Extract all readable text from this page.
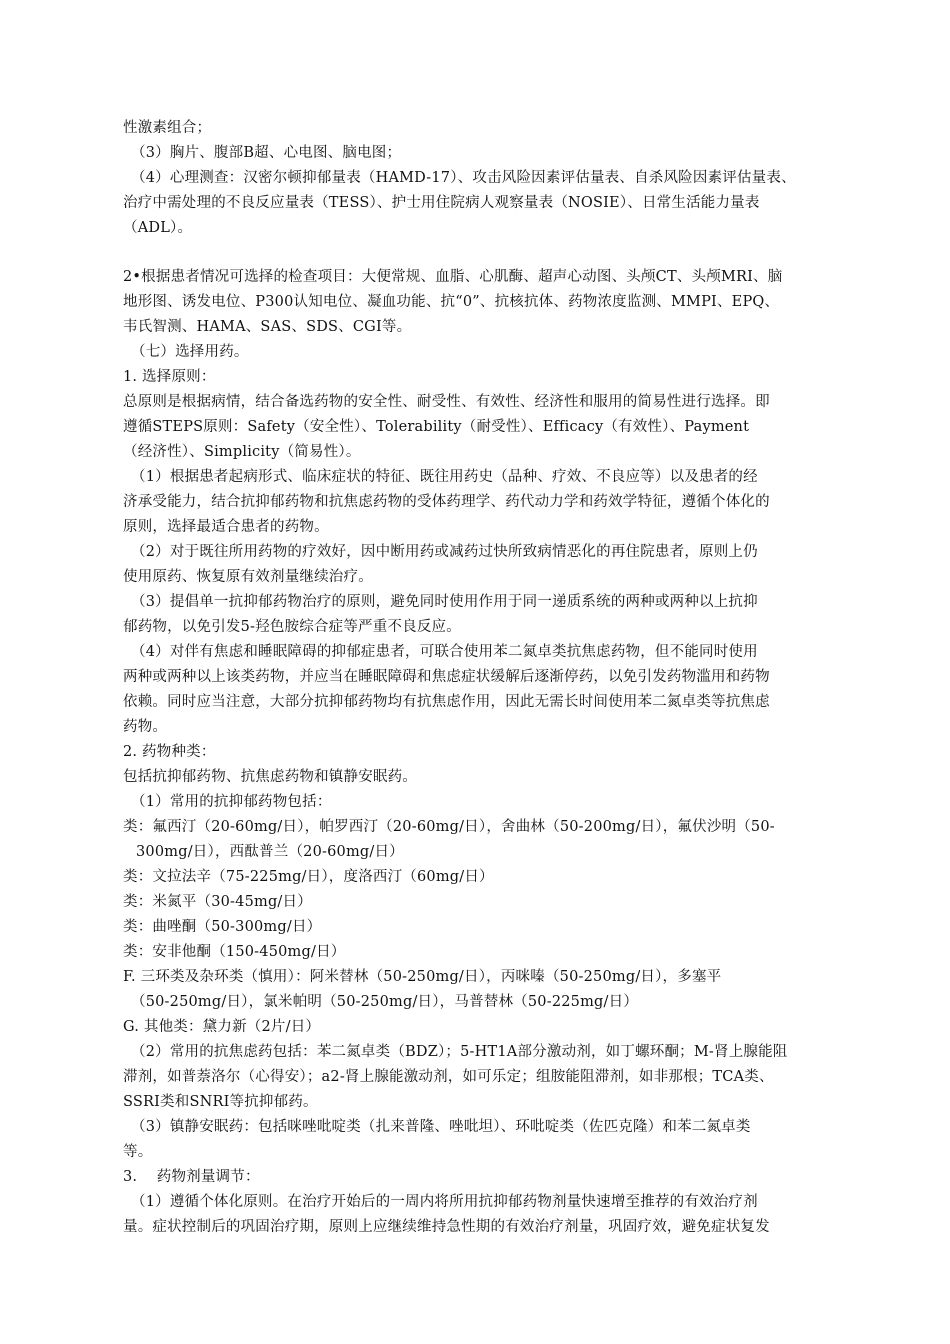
性激素组合；
（3）胸片、腹部B超、心电图、脑电图；
（4）心理测查：汉密尔顿抑郁量表（HAMD-17）、攻击风险因素评估量表、自杀风险因素评估量表、
治疗中需处理的不良反应量表（TESS）、护士用住院病人观察量表（NOSIE）、日常生活能力量表
（ADL）。
2•根据患者情况可选择的检查项目：大便常规、血脂、心肌酶、超声心动图、头颅CT、头颅MRI、脑
地形图、诱发电位、P300认知电位、凝血功能、抗“0”、抗核抗体、药物浓度监测、MMPI、EPQ、
韦氏智测、HAMA、SAS、SDS、CGI等。
（七）选择用药。
1. 选择原则：
总原则是根据病情，结合备选药物的安全性、耐受性、有效性、经济性和服用的简易性进行选择。即
遵循STEPS原则：Safety（安全性）、Tolerability（耐受性）、Efficacy（有效性）、Payment
（经济性）、Simplicity（简易性）。
（1）根据患者起病形式、临床症状的特征、既往用药史（品种、疗效、不良应等）以及患者的经
济承受能力，结合抗抑郁药物和抗焦虑药物的受体药理学、药代动力学和药效学特征，遵循个体化的
原则，选择最适合患者的药物。
（2）对于既往所用药物的疗效好，因中断用药或减药过快所致病情恶化的再住院患者，原则上仍
使用原药、恢复原有效剂量继续治疗。
（3）提倡单一抗抑郁药物治疗的原则，避免同时使用作用于同一递质系统的两种或两种以上抗抑
郁药物，以免引发5-羟色胺综合症等严重不良反应。
（4）对伴有焦虑和睡眠障碍的抑郁症患者，可联合使用苯二氮卓类抗焦虑药物，但不能同时使用
两种或两种以上该类药物，并应当在睡眠障碍和焦虑症状缓解后逐渐停药，以免引发药物滥用和药物
依赖。同时应当注意，大部分抗抑郁药物均有抗焦虑作用，因此无需长时间使用苯二氮卓类等抗焦虑
药物。
2. 药物种类：
包括抗抑郁药物、抗焦虑药物和镇静安眠药。
（1）常用的抗抑郁药物包括：
类：氟西汀（20-60mg/日），帕罗西汀（20-60mg/日），舍曲林（50-200mg/日），氟伏沙明（50-
300mg/日），西酞普兰（20-60mg/日）
类：文拉法辛（75-225mg/日），度洛西汀（60mg/日）
类：米氮平（30-45mg/日）
类：曲唑酮（50-300mg/日）
类：安非他酮（150-450mg/日）
F. 三环类及杂环类（慎用）：阿米替林（50-250mg/日），丙咪嗪（50-250mg/日），多塞平
（50-250mg/日），氯米帕明（50-250mg/日），马普替林（50-225mg/日）
G. 其他类：黛力新（2片/日）
（2）常用的抗焦虑药包括：苯二氮卓类（BDZ）；5-HT1A部分激动剂，如丁螺环酮；M-肾上腺能阻
滞剂，如普萘洛尔（心得安）；a2-肾上腺能激动剂，如可乐定；组胺能阻滞剂，如非那根；TCA类、
SSRI类和SNRI等抗抑郁药。
（3）镇静安眠药：包括咪唑吡啶类（扎来普隆、唑吡坦）、环吡啶类（佐匹克隆）和苯二氮卓类
等。
3.　 药物剂量调节：
（1）遵循个体化原则。在治疗开始后的一周内将所用抗抑郁药物剂量快速增至推荐的有效治疗剂
量。症状控制后的巩固治疗期，原则上应继续维持急性期的有效治疗剂量，巩固疗效，避免症状复发
